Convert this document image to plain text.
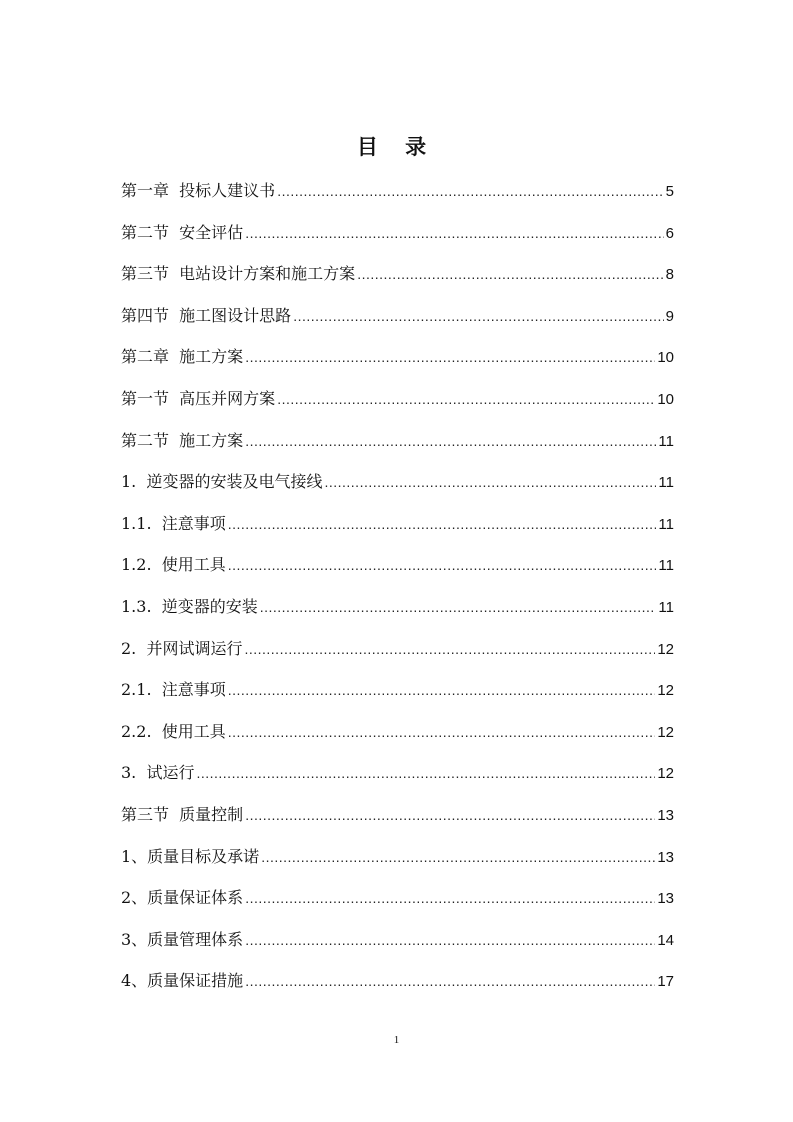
目 录
第一章  投标人建议书 .....	5
第二节  安全评估 .....	6
第三节  电站设计方案和施工方案 .....	8
第四节  施工图设计思路 .....	9
第二章  施工方案 .....	10
第一节  高压并网方案 .....	10
第二节  施工方案 .....	11
1.  逆变器的安装及电气接线 .....	11
1.1.  注意事项 .....	11
1.2.  使用工具 .....	11
1.3.  逆变器的安装 .....	11
2.  并网试调运行 .....	12
2.1.  注意事项 .....	12
2.2.  使用工具 .....	12
3.  试运行 .....	12
第三节  质量控制 .....	13
1、质量目标及承诺 .....	13
2、质量保证体系 .....	13
3、质量管理体系 .....	14
4、质量保证措施 .....	17
1
